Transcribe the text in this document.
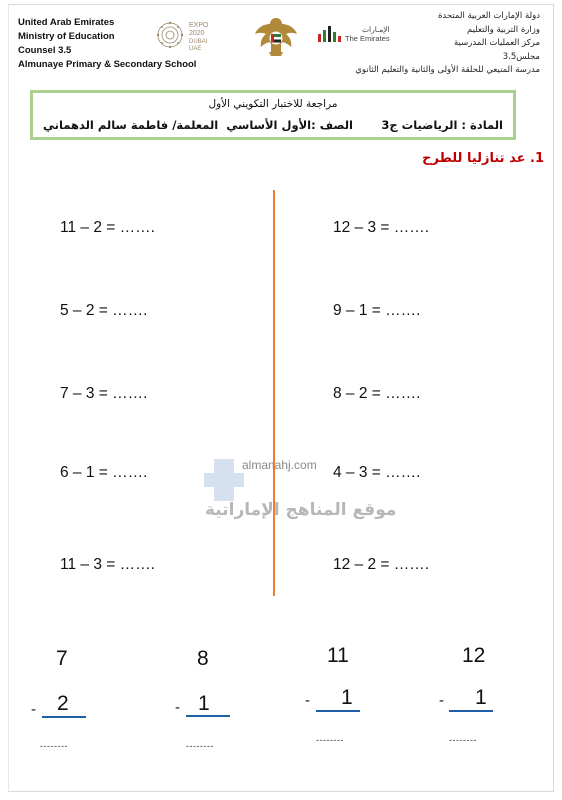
United Arab Emirates
Ministry of Education
Counsel 3.5
Almunaye Primary & Secondary School
EXPO
2020
DUBAI
UAE
الإمـارات
The Emirates
دولة الإمارات العربية المتحدة
وزارة التربية والتعليم
مركز العمليات المدرسية
مجلس3.5
مدرسة المنيعي للحلقة الأولى والثانية والتعليم الثانوي
مراجعة للاختبار التكويني الأول
المادة : الرياضيات ج3
الصف :الأول الأساسي
المعلمة/ فاطمة سالم الدهماني
1. عد تنازليا للطرح
11 – 2 = …….
5 – 2 = …….
7 – 3 = …….
6 – 1 = …….
11 – 3 = …….
12 – 3 = …….
9 – 1 = …….
8 – 2 = …….
4 – 3 = …….
12 – 2 = …….
almanahj.com
موقع المناهج الإماراتية
7
- 2
--------
8
- 1
--------
11
- 1
--------
12
- 1
--------
